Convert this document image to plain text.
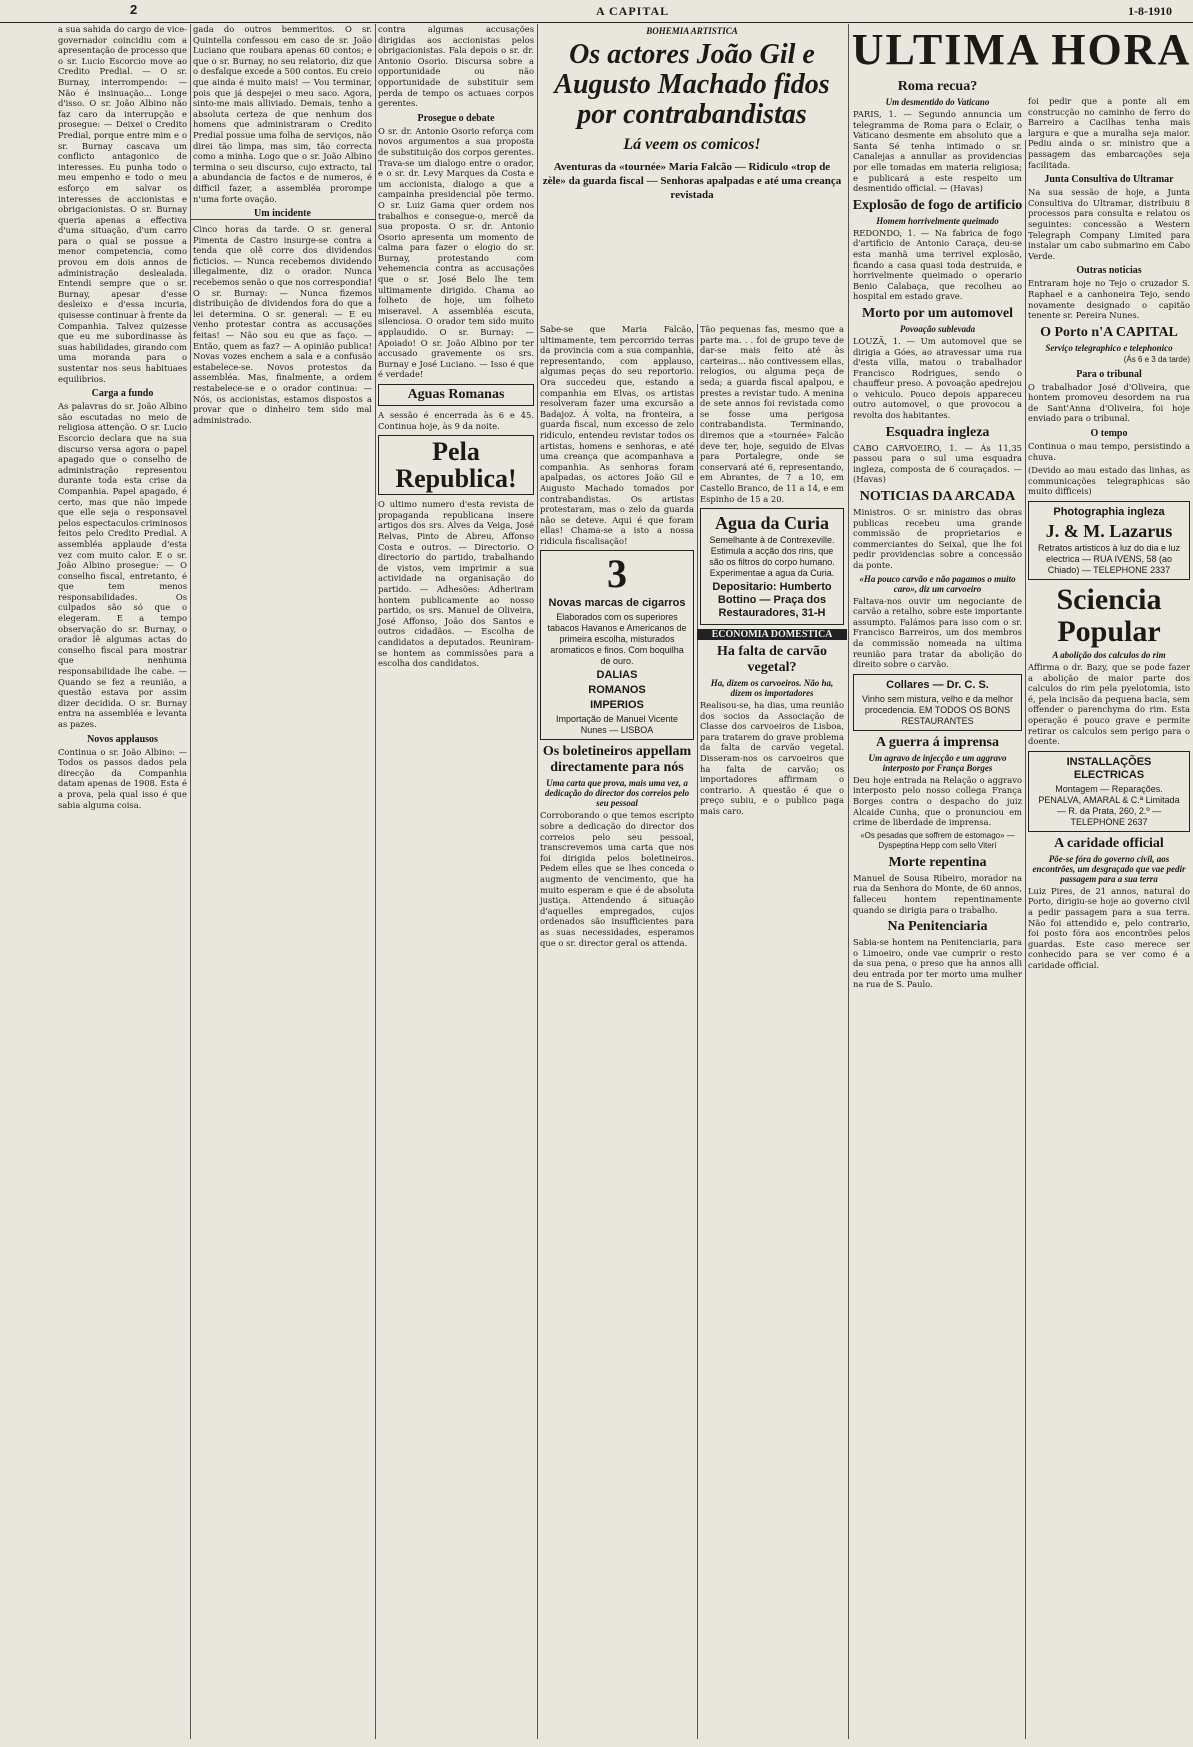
2	A CAPITAL	1-8-1910

a sua sahida do cargo de vice-governador coincidiu com a apresentação de processo que o sr. Lucio Escorcio move ao Credito Predial. — O sr. Burnay, interrompendo: — Não é insinuação... Longe d'isso. O sr. João Albino não faz caro da interrupção e prosegue: — Deixei o Credito Predial, porque entre mim e o sr. Burnay cascava um conflicto antagonico de interesses. Eu punha todo o meu empenho e todo o meu esforço em salvar os interesses de accionistas e obrigacionistas. O sr. Burnay queria apenas a effectiva d'uma situação, d'um carro para o qual se possue a menor competencia, como provou em dois annos de administração deslealada. Entendi sempre que o sr. Burnay, apesar d'esse desleixo e d'essa incuria, quisesse continuar à frente da Companhia. Talvez quizesse que eu me subordinasse às suas habilidades, girando com uma moranda para o sustentar nos seus habituaes equilibrios.

Carga a fundo

As palavras do sr. João Albino são escutadas no meio de religiosa attenção. O sr. Lucio Escorcio declara que na sua discurso versa agora o papel apagado que o conselho de administração representou durante toda esta crise da Companhia. Papel apagado, é certo, mas que não impede que elle seja o responsavel pelos espectaculos criminosos feitos pelo Credito Predial. A assembléa applaude d'esta vez com muito calor. E o sr. João Albino prosegue: — O conselho fiscal, entretanto, é que tem menos responsabilidades. Os culpados são só que o elegeram. E a tempo observação do sr. Burnay, o orador lê algumas actas do conselho fiscal para mostrar que nenhuma responsabilidade lhe cabe. — Quando se fez a reunião, a questão estava por assim dizer decidida. O sr. Burnay entra na assembléa e levanta as pazes.

Novos applausos

Continua o sr. João Albino: — Todos os passos dados pela direcção da Companhia datam apenas de 1908. Esta é a prova, pela qual isso é que sabia alguma coisa.

gada do outros bemmeritos. O sr. Quintella confessou em caso de sr. João Luciano que roubara apenas 60 contos; e que o sr. Burnay, no seu relatorio, diz que o desfalque excede a 500 contos. Eu creio que ainda é muito mais! — Vou terminar, pois que já despejei o meu saco. Agora, sinto-me mais alliviado. Demais, tenho a absoluta certeza de que nenhum dos homens que administraram o Credito Predial possue uma folha de serviços, não direi tão limpa, mas sim, tão correcta como a minha. Logo que o sr. João Albino termina o seu discurso, cujo extracto, tal a abundancia de factos e de numeros, é difficil fazer, a assembléa prorompe n'uma forte ovação.

Um incidente

Cinco horas da tarde. O sr. general Pimenta de Castro insurge-se contra a tenda que olê corre dos dividendos ficticios. — Nunca recebemos dividendo illegalmente, diz o orador. Nunca recebemos senão o que nos correspondia! O sr. Burnay: — Nunca fizemos distribuição de dividendos fora do que a lei determina. O sr. general: — E eu venho protestar contra as accusações feitas! — Não sou eu que as faço. — Então, quem as faz? — A opinião publica! Novas vozes enchem a sala e a confusão estabelece-se. Novos protestos da assembléa. Mas, finalmente, a ordem restabelece-se e o orador continua: — Nós, os accionistas, estamos dispostos a provar que o dinheiro tem sido mal administrado.

contra algumas accusações dirigidas aos accionistas pelos obrigacionistas. Fala depois o sr. dr. Antonio Osorio. Discursa sobre a opportunidade ou não opportunidade de substituir sem perda de tempo os actuaes corpos gerentes.

Prosegue o debate

O sr. dr. Antonio Osorio reforça com novos argumentos a sua proposta de substituição dos corpos gerentes. Trava-se um dialogo entre o orador, e o sr. dr. Levy Marques da Costa e um accionista, dialogo a que a campainha presidencial põe termo. O sr. Luiz Gama quer ordem nos trabalhos e consegue-o, mercê da sua proposta. O sr. dr. Antonio Osorio apresenta um momento de calma para fazer o elogio do sr. Burnay, protestando com vehemencia contra as accusações que o sr. José Belo lhe tem ultimamente dirigido. Chama ao folheto de hoje, um folheto miseravel. A assembléa escuta, silenciosa. O orador tem sido muito applaudido. O sr. Burnay: — Apoiado! O sr. João Albino por ter accusado gravemente os srs. Burnay e José Luciano. — Isso é que é verdade!

Aguas Romanas

A sessão é encerrada às 6 e 45. Continua hoje, às 9 da noite.

Pela Republica!

O ultimo numero d'esta revista de propaganda republicana insere artigos dos srs. Alves da Veiga, José Relvas, Pinto de Abreu, Affonso Costa e outros. — Directorio. O directorio do partido, trabalhando de vistos, vem imprimir a sua actividade na organisação do partido. — Adhesões: Adheriram hontem publicamente ao nosso partido, os srs. Manuel de Oliveira, José Affonso, João dos Santos e outros cidadãos. — Escolha de candidatos a deputados. Reuniram-se hontem as commissões para a escolha dos candidatos.

BOHEMIA ARTISTICA
Os actores João Gil e Augusto Machado fidos por contrabandistas
Lá veem os comicos!
Aventuras da «tournée» Maria Falcão — Ridiculo «trop de zèle» da guarda fiscal — Senhoras apalpadas e até uma creança revistada

Sabe-se que Maria Falcão, ultimamente, tem percorrido terras da provincia com a sua companhia, representando, com applauso, algumas peças do seu reportorio. Ora succedeu que, estando a companhia em Elvas, os artistas resolveram fazer uma excursão a Badajoz. Á volta, na fronteira, a guarda fiscal, num excesso de zelo ridiculo, entendeu revistar todos os artistas, homens e senhoras, e até uma creança que acompanhava a companhia. As senhoras foram apalpadas, os actores João Gil e Augusto Machado tomados por contrabandistas. Os artistas protestaram, mas o zelo da guarda não se deteve. Aqui é que foram ellas! Chama-se a isto a nossa ridicula fiscalisação!

3
Novas marcas de cigarros

Elaborados com os superiores tabacos Havanos e Americanos de primeira escolha, misturados aromaticos e finos. Com boquilha de ouro.

DALIAS
ROMANOS
IMPERIOS
Importação de Manuel Vicente Nunes — LISBOA
Os boletineiros appellam directamente para nós
Uma carta que prova, mais uma vez, a dedicação do director dos correios pelo seu pessoal

Corroborando o que temos escripto sobre a dedicação do director dos correios pelo seu pessoal, transcrevemos uma carta que nos foi dirigida pelos boletineiros. Pedem elles que se lhes conceda o augmento de vencimento, que ha muito esperam e que é de absoluta justiça. Attendendo á situação d'aquelles empregados, cujos ordenados são insufficientes para as suas necessidades, esperamos que o sr. director geral os attenda.

Tão pequenas fas, mesmo que a parte ma. . . foi de grupo teve de dar-se mais feito até às carteiras... não contivessem ellas, relogios, ou alguma peça de seda; a guarda fiscal apalpou, e prestes a revistar tudo. A menina de sete annos foi revistada como se fosse uma perigosa contrabandista. Terminando, diremos que a «tournée» Falcão deve ter, hoje, seguido de Elvas para Portalegre, onde se conservará até 6, representando, em Abrantes, de 7 a 10, em Castello Branco, de 11 a 14, e em Espinho de 15 a 20.

Agua da Curia

Semelhante à de Contrexeville. Estimula a acção dos rins, que são os filtros do corpo humano. Experimentae a agua da Curia.

Depositario: Humberto Bottino — Praça dos Restauradores, 31-H
ECONOMIA DOMESTICA
Ha falta de carvão vegetal?
Ha, dizem os carvoeiros. Não ha, dizem os importadores

Realisou-se, ha dias, uma reunião dos socios da Associação de Classe dos carvoeiros de Lisboa, para tratarem do grave problema da falta de carvão vegetal. Disseram-nos os carvoeiros que ha falta de carvão; os importadores affirmam o contrario. A questão é que o preço subiu, e o publico paga mais caro.

ULTIMA HORA
Roma recua?
Um desmentido do Vaticano

PARIS, 1. — Segundo annuncia um telegramma de Roma para o Eclair, o Vaticano desmente em absoluto que a Santa Sé tenha intimado o sr. Canalejas a annullar as providencias por elle tomadas em materia religiosa; e publicará a este respeito um desmentido official. — (Havas)

Explosão de fogo de artificio
Homem horrivelmente queimado

REDONDO, 1. — Na fabrica de fogo d'artificio de Antonio Caraça, deu-se esta manhã uma terrivel explosão, ficando a casa quasi toda destruida, e horrivelmente queimado o operario Benio Calabaça, que recolheu ao hospital em estado grave.

Morto por um automovel
Povoação sublevada

LOUZÃ, 1. — Um automovel que se dirigia a Góes, ao atravessar uma rua d'esta villa, matou o trabalhador Francisco Rodrigues, sendo o chauffeur preso. A povoação apedrejou o vehiculo. Pouco depois appareceu outro automovel, o que provocou a revolta dos habitantes.

Esquadra ingleza

CABO CARVOEIRO, 1. — Ás 11,35 passou para o sul uma esquadra ingleza, composta de 6 couraçados. — (Havas)

NOTICIAS DA ARCADA

Ministros. O sr. ministro das obras publicas recebeu uma grande commissão de proprietarios e commerciantes do Seixal, que lhe foi pedir providencias sobre a concessão da ponte.

«Ha pouco carvão e não pagamos o muito caro», diz um carvoeiro

Faltava-nos ouvir um negociante de carvão a retalho, sobre este importante assumpto. Falámos para isso com o sr. Francisco Barreiros, um dos membros da commissão nomeada na ultima reunião para tratar da abolição do direito sobre o carvão.

Collares — Dr. C. S.

Vinho sem mistura, velho e da melhor procedencia. EM TODOS OS BONS RESTAURANTES

A guerra á imprensa
Um agravo de injecção e um aggravo interposto por França Borges

Deu hoje entrada na Relação o aggravo interposto pelo nosso collega França Borges contra o despacho do juiz Alcaide Cunha, que o pronunciou em crime de liberdade de imprensa.

«Os pesadas que soffrem de estomago» — Dyspeptina Hepp com sello Viterí
Morte repentina

Manuel de Sousa Ribeiro, morador na rua da Senhora do Monte, de 60 annos, falleceu hontem repentinamente quando se dirigia para o trabalho.

Na Penitenciaria

Sabia-se hontem na Penitenciaria, para o Limoeiro, onde vae cumprir o resto da sua pena, o preso que ha annos alli deu entrada por ter morto uma mulher na rua de S. Paulo.

foi pedir que a ponte ali em construcção no caminho de ferro do Barreiro a Cacilhas tenha mais largura e que a muralha seja maior. Pediu ainda o sr. ministro que a passagem das embarcações seja facilitada.

Junta Consultiva do Ultramar

Na sua sessão de hoje, a Junta Consultiva do Ultramar, distribuiu 8 processos para consulta e relatou os seguintes: concessão a Western Telegraph Company Limited para instalar um cabo submarino em Cabo Verde.

Outras noticias

Entraram hoje no Tejo o cruzador S. Raphael e a canhoneira Tejo, sendo novamente designado o capitão tenente sr. Pereira Nunes.

O Porto n'A CAPITAL
Serviço telegraphico e telephonico
(Ás 6 e 3 da tarde)
Para o tribunal

O trabalhador José d'Oliveira, que hontem promoveu desordem na rua de Sant'Anna d'Oliveira, foi hoje enviado para o tribunal.

O tempo

Continua o mau tempo, persistindo a chuva.

(Devido ao mau estado das linhas, as communicações telegraphicas são muito difficeis)

Photographia ingleza
J. & M. Lazarus

Retratos artisticos à luz do dia e luz electrica — RUA IVENS, 58 (ao Chiado) — TELEPHONE 2337

Sciencia Popular
A abolição dos calculos do rim

Affirma o dr. Bazy, que se pode fazer a abolição de maior parte dos calculos do rim pela pyelotomia, isto é, pela incisão da pequena bacia, sem offender o parenchyma do rim. Esta operação é pouco grave e permite retirar os calculos sem perigo para o doente.

INSTALLAÇÕES ELECTRICAS

Montagem — Reparações. PENALVA, AMARAL & C.ª Limitada — R. da Prata, 260, 2.º — TELEPHONE 2637

A caridade official
Põe-se fóra do governo civil, aos encontrões, um desgraçado que vae pedir passagem para a sua terra

Luiz Pires, de 21 annos, natural do Porto, dirigiu-se hoje ao governo civil a pedir passagem para a sua terra. Não foi attendido e, pelo contrario, foi posto fóra aos encontrões pelos guardas. Este caso merece ser conhecido para se ver como é a caridade official.
